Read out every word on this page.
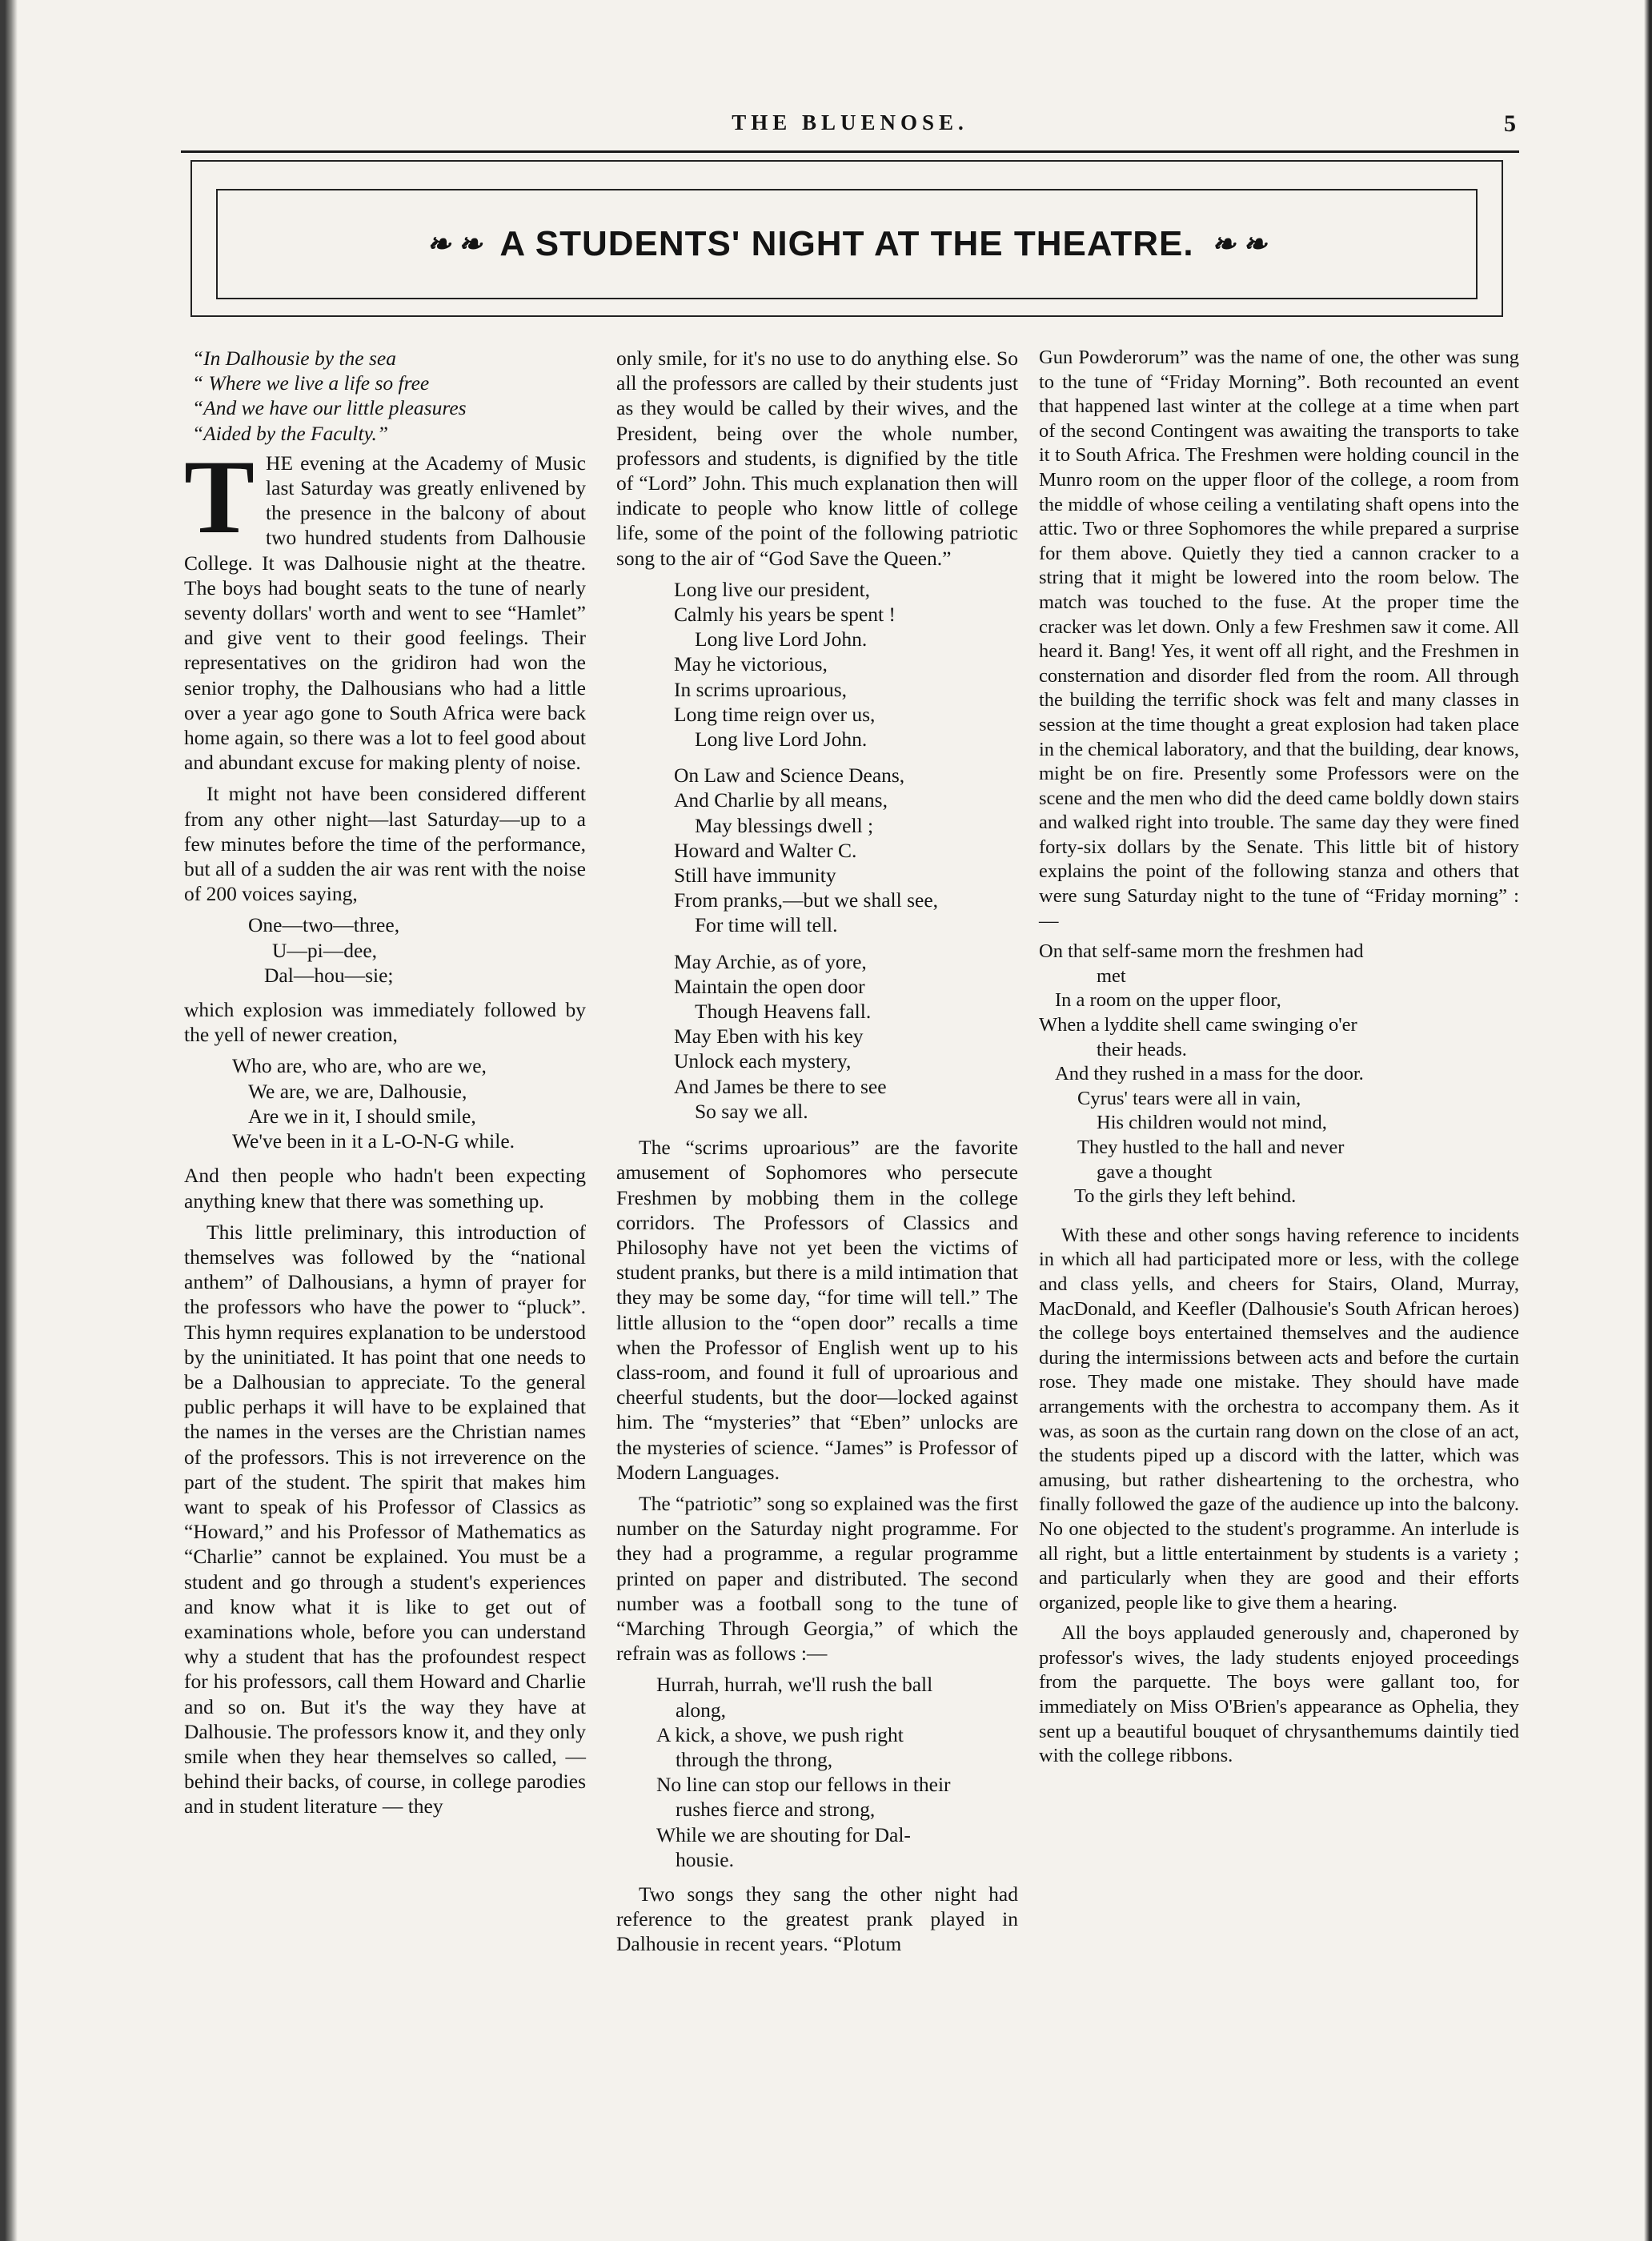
THE BLUENOSE.	5
❧ ❧ A STUDENTS' NIGHT AT THE THEATRE. ❧ ❧
“In Dalhousie by the sea
“ Where we live a life so free
“And we have our little pleasures
“Aided by the Faculty.”

THE evening at the Academy of Music last Saturday was greatly enlivened by the presence in the balcony of about two hundred students from Dalhousie College. It was Dalhousie night at the theatre. The boys had bought seats to the tune of nearly seventy dollars' worth and went to see “Hamlet” and give vent to their good feelings. Their representatives on the gridiron had won the senior trophy, the Dalhousians who had a little over a year ago gone to South Africa were back home again, so there was a lot to feel good about and abundant excuse for making plenty of noise.

It might not have been considered different from any other night—last Saturday—up to a few minutes before the time of the performance, but all of a sudden the air was rent with the noise of 200 voices saying,

One—two—three,
U—pi—dee,
Dal—hou—sie;

which explosion was immediately followed by the yell of newer creation,

Who are, who are, who are we,
We are, we are, Dalhousie,
Are we in it, I should smile,
We've been in it a L-O-N-G while.

And then people who hadn't been expecting anything knew that there was something up.

This little preliminary, this introduction of themselves was followed by the “national anthem” of Dalhousians, a hymn of prayer for the professors who have the power to “pluck”. This hymn requires explanation to be understood by the uninitiated. It has point that one needs to be a Dalhousian to appreciate. To the general public perhaps it will have to be explained that the names in the verses are the Christian names of the professors. This is not irreverence on the part of the student. The spirit that makes him want to speak of his Professor of Classics as “Howard,” and his Professor of Mathematics as “Charlie” cannot be explained. You must be a student and go through a student's experiences and know what it is like to get out of examinations whole, before you can understand why a student that has the profoundest respect for his professors, call them Howard and Charlie and so on. But it's the way they have at Dalhousie. The professors know it, and they only smile when they hear themselves so called, —behind their backs, of course, in college parodies and in student literature — they

only smile, for it's no use to do anything else. So all the professors are called by their students just as they would be called by their wives, and the President, being over the whole number, professors and students, is dignified by the title of “Lord” John. This much explanation then will indicate to people who know little of college life, some of the point of the following patriotic song to the air of “God Save the Queen.”

Long live our president,
Calmly his years be spent !
Long live Lord John.
May he victorious,
In scrims uproarious,
Long time reign over us,
Long live Lord John.
On Law and Science Deans,
And Charlie by all means,
May blessings dwell ;
Howard and Walter C.
Still have immunity
From pranks,—but we shall see,
For time will tell.
May Archie, as of yore,
Maintain the open door
Though Heavens fall.
May Eben with his key
Unlock each mystery,
And James be there to see
So say we all.

The “scrims uproarious” are the favorite amusement of Sophomores who persecute Freshmen by mobbing them in the college corridors. The Professors of Classics and Philosophy have not yet been the victims of student pranks, but there is a mild intimation that they may be some day, “for time will tell.” The little allusion to the “open door” recalls a time when the Professor of English went up to his class-room, and found it full of uproarious and cheerful students, but the door—locked against him. The “mysteries” that “Eben” unlocks are the mysteries of science. “James” is Professor of Modern Languages.

The “patriotic” song so explained was the first number on the Saturday night programme. For they had a programme, a regular programme printed on paper and distributed. The second number was a football song to the tune of “Marching Through Georgia,” of which the refrain was as follows :—

Hurrah, hurrah, we'll rush the ball
along,
A kick, a shove, we push right
through the throng,
No line can stop our fellows in their
rushes fierce and strong,
While we are shouting for Dal-
housie.

Two songs they sang the other night had reference to the greatest prank played in Dalhousie in recent years. “Plotum

Gun Powderorum” was the name of one, the other was sung to the tune of “Friday Morning”. Both recounted an event that happened last winter at the college at a time when part of the second Contingent was awaiting the transports to take it to South Africa. The Freshmen were holding council in the Munro room on the upper floor of the college, a room from the middle of whose ceiling a ventilating shaft opens into the attic. Two or three Sophomores the while prepared a surprise for them above. Quietly they tied a cannon cracker to a string that it might be lowered into the room below. The match was touched to the fuse. At the proper time the cracker was let down. Only a few Freshmen saw it come. All heard it. Bang! Yes, it went off all right, and the Freshmen in consternation and disorder fled from the room. All through the building the terrific shock was felt and many classes in session at the time thought a great explosion had taken place in the chemical laboratory, and that the building, dear knows, might be on fire. Presently some Professors were on the scene and the men who did the deed came boldly down stairs and walked right into trouble. The same day they were fined forty-six dollars by the Senate. This little bit of history explains the point of the following stanza and others that were sung Saturday night to the tune of “Friday morning” :—

On that self-same morn the freshmen had
met
In a room on the upper floor,
When a lyddite shell came swinging o'er
their heads.
And they rushed in a mass for the door.
Cyrus' tears were all in vain,
His children would not mind,
They hustled to the hall and never
gave a thought
To the girls they left behind.

With these and other songs having reference to incidents in which all had participated more or less, with the college and class yells, and cheers for Stairs, Oland, Murray, MacDonald, and Keefler (Dalhousie's South African heroes) the college boys entertained themselves and the audience during the intermissions between acts and before the curtain rose. They made one mistake. They should have made arrangements with the orchestra to accompany them. As it was, as soon as the curtain rang down on the close of an act, the students piped up a discord with the latter, which was amusing, but rather disheartening to the orchestra, who finally followed the gaze of the audience up into the balcony. No one objected to the student's programme. An interlude is all right, but a little entertainment by students is a variety ; and particularly when they are good and their efforts organized, people like to give them a hearing.

All the boys applauded generously and, chaperoned by professor's wives, the lady students enjoyed proceedings from the parquette. The boys were gallant too, for immediately on Miss O'Brien's appearance as Ophelia, they sent up a beautiful bouquet of chrysanthemums daintily tied with the college ribbons.
